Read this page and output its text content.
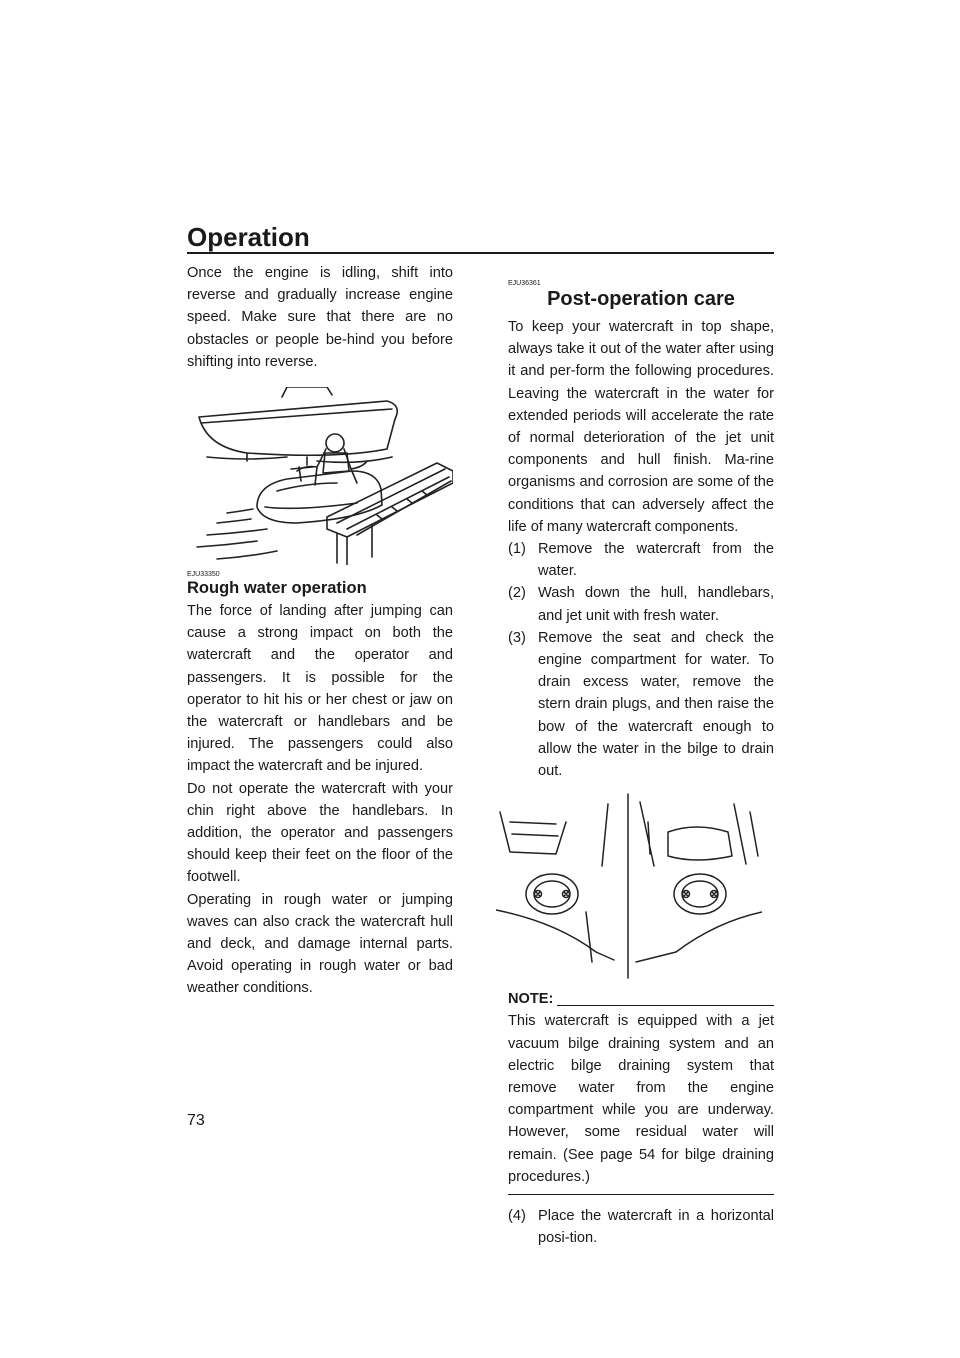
Operation

Once the engine is idling, shift into reverse and gradually increase engine speed. Make sure that there are no obstacles or people be-hind you before shifting into reverse.

EJU33350
Rough water operation

The force of landing after jumping can cause a strong impact on both the watercraft and the operator and passengers. It is possible for the operator to hit his or her chest or jaw on the watercraft or handlebars and be injured. The passengers could also impact the watercraft and be injured.

Do not operate the watercraft with your chin right above the handlebars. In addition, the operator and passengers should keep their feet on the floor of the footwell.

Operating in rough water or jumping waves can also crack the watercraft hull and deck, and damage internal parts. Avoid operating in rough water or bad weather conditions.

EJU36361
Post-operation care

To keep your watercraft in top shape, always take it out of the water after using it and per-form the following procedures. Leaving the watercraft in the water for extended periods will accelerate the rate of normal deterioration of the jet unit components and hull finish. Ma-rine organisms and corrosion are some of the conditions that can adversely affect the life of many watercraft components.

(1) Remove the watercraft from the water.
(2) Wash down the hull, handlebars, and jet unit with fresh water.
(3) Remove the seat and check the engine compartment for water. To drain excess water, remove the stern drain plugs, and then raise the bow of the watercraft enough to allow the water in the bilge to drain out.
NOTE:

This watercraft is equipped with a jet vacuum bilge draining system and an electric bilge draining system that remove water from the engine compartment while you are underway. However, some residual water will remain. (See page 54 for bilge draining procedures.)

(4) Place the watercraft in a horizontal posi-tion.
73
